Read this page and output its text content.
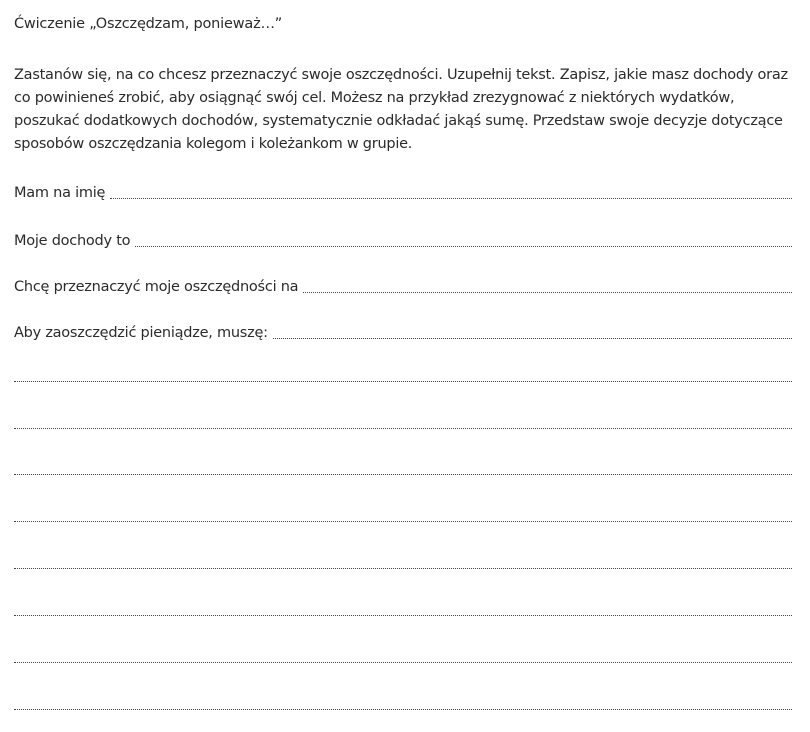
Ćwiczenie „Oszczędzam, ponieważ…”

Zastanów się, na co chcesz przeznaczyć swoje oszczędności. Uzupełnij tekst. Zapisz, jakie masz dochody oraz co powinieneś zrobić, aby osiągnąć swój cel. Możesz na przykład zrezygnować z niektórych wydatków, poszukać dodatkowych dochodów, systematycznie odkładać jakąś sumę. Przedstaw swoje decyzje dotyczące sposobów oszczędzania kolegom i koleżankom w grupie.

Mam na imię
Moje dochody to
Chcę przeznaczyć moje oszczędności na
Aby zaoszczędzić pieniądze, muszę:
